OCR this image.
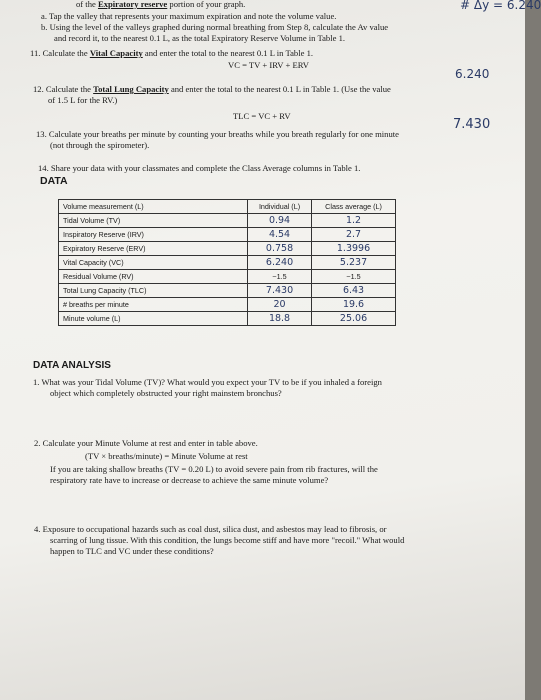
of the Expiratory reserve portion of your graph.	# Δy = 6.240
a. Tap the valley that represents your maximum expiration and note the volume value.
b. Using the level of the valleys graphed during normal breathing from Step 8, calculate the Av value
and record it, to the nearest 0.1 L, as the total Expiratory Reserve Volume in Table 1.
11. Calculate the Vital Capacity and enter the total to the nearest 0.1 L in Table 1.
VC = TV + IRV + ERV
6.240
12. Calculate the Total Lung Capacity and enter the total to the nearest 0.1 L in Table 1. (Use the value
of 1.5 L for the RV.)
TLC = VC + RV
7.430
13. Calculate your breaths per minute by counting your breaths while you breath regularly for one minute
(not through the spirometer).
14. Share your data with your classmates and complete the Class Average columns in Table 1.
DATA
Volume measurement (L)	Individual (L)	Class average (L)
Tidal Volume (TV)	0.94	1.2
Inspiratory Reserve (IRV)	4.54	2.7
Expiratory Reserve (ERV)	0.758	1.3996
Vital Capacity (VC)	6.240	5.237
Residual Volume (RV)	~1.5	~1.5
Total Lung Capacity (TLC)	7.430	6.43
# breaths per minute	20	19.6
Minute volume (L)	18.8	25.06
DATA ANALYSIS
1. What was your Tidal Volume (TV)? What would you expect your TV to be if you inhaled a foreign
object which completely obstructed your right mainstem bronchus?
2. Calculate your Minute Volume at rest and enter in table above.
(TV × breaths/minute) = Minute Volume at rest
If you are taking shallow breaths (TV = 0.20 L) to avoid severe pain from rib fractures, will the
respiratory rate have to increase or decrease to achieve the same minute volume?
4. Exposure to occupational hazards such as coal dust, silica dust, and asbestos may lead to fibrosis, or
scarring of lung tissue. With this condition, the lungs become stiff and have more "recoil." What would
happen to TLC and VC under these conditions?
